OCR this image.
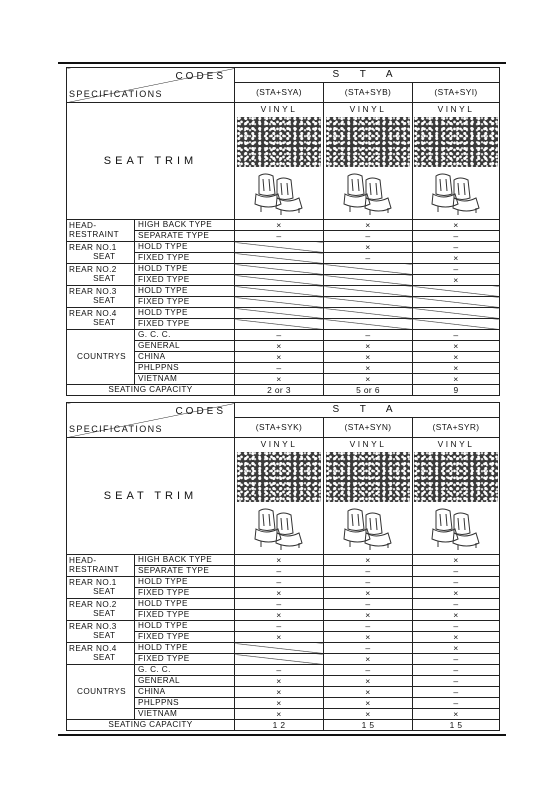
CODES
SPECIFICATIONS		S T A		
		(STA+SYA)	(STA+SYB)	(STA+SYI)
SEAT TRIM		VINYL	VINYL	VINYL

HEAD-
RESTRAINT	HIGH BACK TYPE	×	×	×
	SEPARATE TYPE	–	–	–
REAR NO.1
SEAT	HOLD TYPE		×	–
	FIXED TYPE		–	×
REAR NO.2
SEAT	HOLD TYPE			–
	FIXED TYPE			×
REAR NO.3
SEAT	HOLD TYPE			
	FIXED TYPE			
REAR NO.4
SEAT	HOLD TYPE			
	FIXED TYPE			
COUNTRYS	G. C. C.	–	–	–
	GENERAL	×	×	×
	CHINA	×	×	×
	PHLPPNS	–	×	×
	VIETNAM	×	×	×
SEATING CAPACITY		2 or 3	5 or 6	9
CODES
SPECIFICATIONS		S T A		
		(STA+SYK)	(STA+SYN)	(STA+SYR)
SEAT TRIM		VINYL	VINYL	VINYL

HEAD-
RESTRAINT	HIGH BACK TYPE	×	×	×
	SEPARATE TYPE	–	–	–
REAR NO.1
SEAT	HOLD TYPE	–	–	–
	FIXED TYPE	×	×	×
REAR NO.2
SEAT	HOLD TYPE	–	–	–
	FIXED TYPE	×	×	×
REAR NO.3
SEAT	HOLD TYPE	–	–	–
	FIXED TYPE	×	×	×
REAR NO.4
SEAT	HOLD TYPE		–	×
	FIXED TYPE		×	–
COUNTRYS	G. C. C.	–	–	–
	GENERAL	×	×	–
	CHINA	×	×	–
	PHLPPNS	×	×	–
	VIETNAM	×	×	×
SEATING CAPACITY		1 2	1 5	1 5
